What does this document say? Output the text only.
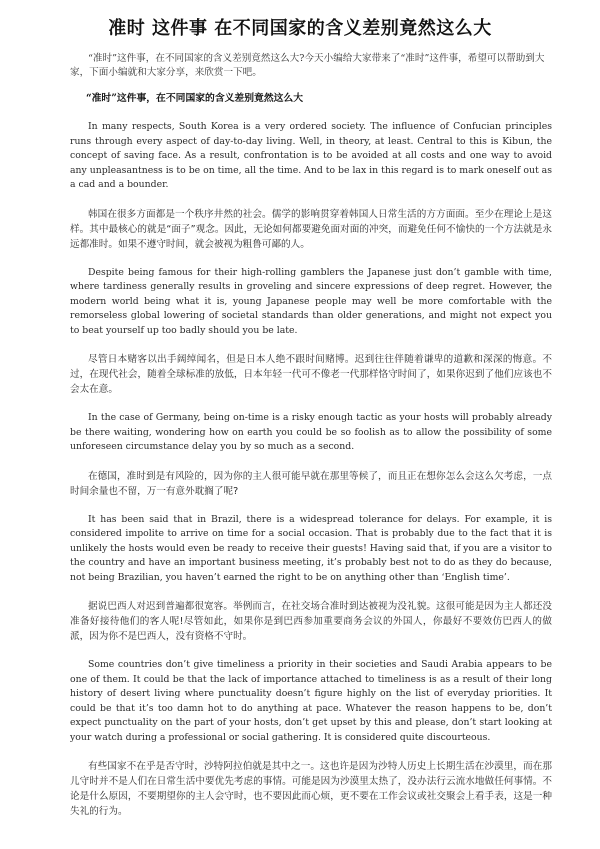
准时 这件事 在不同国家的含义差别竟然这么大

“准时”这件事，在不同国家的含义差别竟然这么大?今天小编给大家带来了“准时”这件事，希望可以帮助到大家，下面小编就和大家分享，来欣赏一下吧。

“准时”这件事，在不同国家的含义差别竟然这么大

In many respects, South Korea is a very ordered society. The influence of Confucian principles runs through every aspect of day-to-day living. Well, in theory, at least. Central to this is Kibun, the concept of saving face. As a result, confrontation is to be avoided at all costs and one way to avoid any unpleasantness is to be on time, all the time. And to be lax in this regard is to mark oneself out as a cad and a bounder.

韩国在很多方面都是一个秩序井然的社会。儒学的影响贯穿着韩国人日常生活的方方面面。至少在理论上是这样。其中最核心的就是“面子”观念。因此，无论如何都要避免面对面的冲突，而避免任何不愉快的一个方法就是永远都准时。如果不遵守时间，就会被视为粗鲁可鄙的人。

Despite being famous for their high-rolling gamblers the Japanese just don’t gamble with time, where tardiness generally results in groveling and sincere expressions of deep regret. However, the modern world being what it is, young Japanese people may well be more comfortable with the remorseless global lowering of societal standards than older generations, and might not expect you to beat yourself up too badly should you be late.

尽管日本赌客以出手阔绰闻名，但是日本人绝不跟时间赌博。迟到往往伴随着谦卑的道歉和深深的悔意。不过，在现代社会，随着全球标准的放低，日本年轻一代可不像老一代那样恪守时间了，如果你迟到了他们应该也不会太在意。

In the case of Germany, being on-time is a risky enough tactic as your hosts will probably already be there waiting, wondering how on earth you could be so foolish as to allow the possibility of some unforeseen circumstance delay you by so much as a second.

在德国，准时到是有风险的，因为你的主人很可能早就在那里等候了，而且正在想你怎么会这么欠考虑，一点时间余量也不留，万一有意外耽搁了呢?

It has been said that in Brazil, there is a widespread tolerance for delays. For example, it is considered impolite to arrive on time for a social occasion. That is probably due to the fact that it is unlikely the hosts would even be ready to receive their guests! Having said that, if you are a visitor to the country and have an important business meeting, it’s probably best not to do as they do because, not being Brazilian, you haven’t earned the right to be on anything other than ‘English time’.

据说巴西人对迟到普遍都很宽容。举例而言，在社交场合准时到达被视为没礼貌。这很可能是因为主人都还没准备好接待他们的客人呢!尽管如此，如果你是到巴西参加重要商务会议的外国人，你最好不要效仿巴西人的做派，因为你不是巴西人，没有资格不守时。

Some countries don’t give timeliness a priority in their societies and Saudi Arabia appears to be one of them. It could be that the lack of importance attached to timeliness is as a result of their long history of desert living where punctuality doesn’t figure highly on the list of everyday priorities. It could be that it’s too damn hot to do anything at pace. Whatever the reason happens to be, don’t expect punctuality on the part of your hosts, don’t get upset by this and please, don’t start looking at your watch during a professional or social gathering. It is considered quite discourteous.

有些国家不在乎是否守时，沙特阿拉伯就是其中之一。这也许是因为沙特人历史上长期生活在沙漠里，而在那儿守时并不是人们在日常生活中要优先考虑的事情。可能是因为沙漠里太热了，没办法行云流水地做任何事情。不论是什么原因，不要期望你的主人会守时，也不要因此而心烦，更不要在工作会议或社交聚会上看手表，这是一种失礼的行为。
